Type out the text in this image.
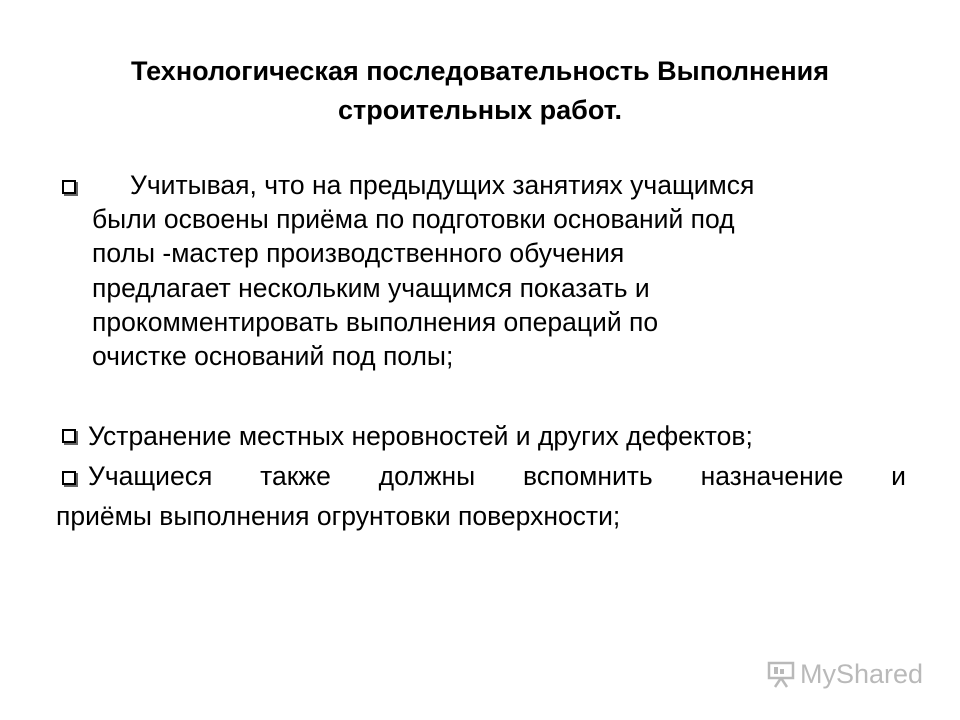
Технологическая последовательность Выполнения
строительных работ.
Учитывая, что на предыдущих занятиях учащимся
были освоены приёма по подготовки оснований под
полы -мастер производственного обучения
предлагает нескольким учащимся показать и
прокомментировать выполнения операций по
очистке оснований под полы;
Устранение местных неровностей и других дефектов;
Учащиеся также должны вспомнить назначение и
приёмы выполнения огрунтовки поверхности;
MyShared
